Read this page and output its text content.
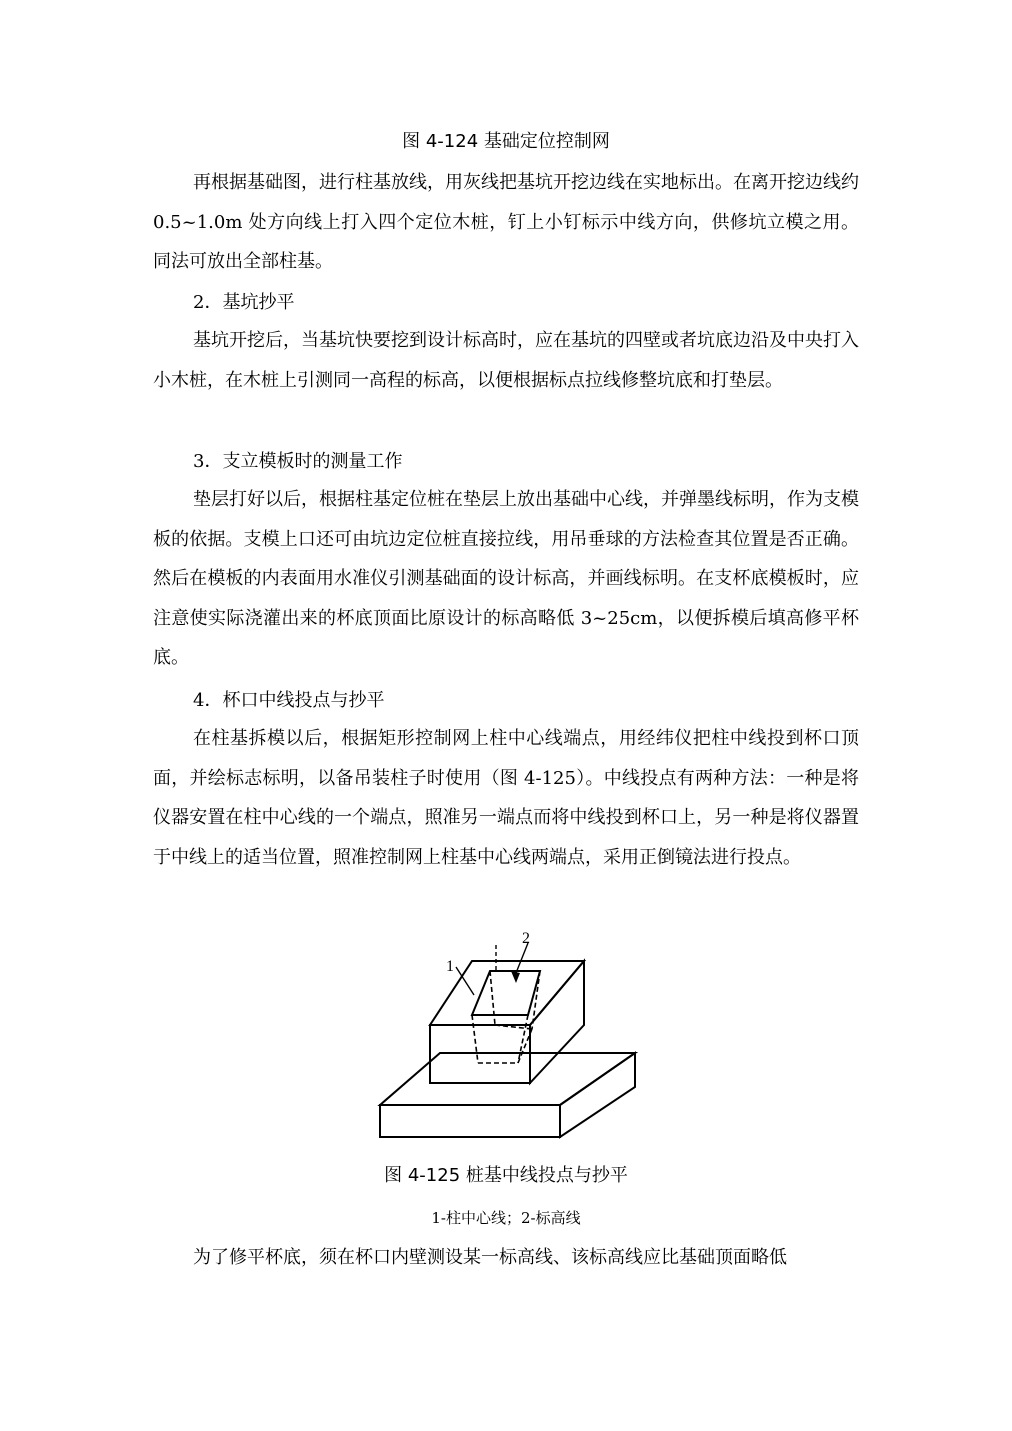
图 4-124 基础定位控制网

再根据基础图，进行柱基放线，用灰线把基坑开挖边线在实地标出。在离开挖边线约 0.5~1.0m 处方向线上打入四个定位木桩，钉上小钉标示中线方向，供修坑立模之用。同法可放出全部柱基。

2．基坑抄平

基坑开挖后，当基坑快要挖到设计标高时，应在基坑的四壁或者坑底边沿及中央打入小木桩，在木桩上引测同一高程的标高，以便根据标点拉线修整坑底和打垫层。

3．支立模板时的测量工作

垫层打好以后，根据柱基定位桩在垫层上放出基础中心线，并弹墨线标明，作为支模板的依据。支模上口还可由坑边定位桩直接拉线，用吊垂球的方法检查其位置是否正确。然后在模板的内表面用水准仪引测基础面的设计标高，并画线标明。在支杯底模板时，应注意使实际浇灌出来的杯底顶面比原设计的标高略低 3~25cm，以便拆模后填高修平杯底。

4．杯口中线投点与抄平

在柱基拆模以后，根据矩形控制网上柱中心线端点，用经纬仪把柱中线投到杯口顶面，并绘标志标明，以备吊装柱子时使用（图 4-125）。中线投点有两种方法：一种是将仪器安置在柱中心线的一个端点，照准另一端点而将中线投到杯口上，另一种是将仪器置于中线上的适当位置，照准控制网上柱基中心线两端点，采用正倒镜法进行投点。

1
2
图 4-125 桩基中线投点与抄平
1-柱中心线；2-标高线

为了修平杯底，须在杯口内壁测设某一标高线、该标高线应比基础顶面略低
